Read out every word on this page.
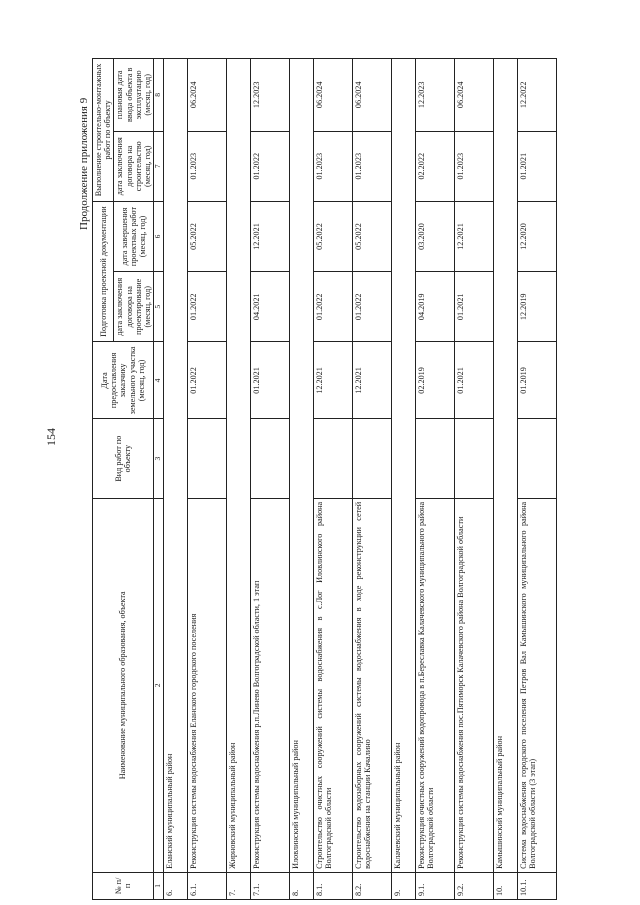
154
Продолжение приложения 9
№ п/п	Наименование муниципального образования, объекта	Вид работ по объекту	Дата предоставления заказчику земельного участка (месяц, год)	Подготовка проектной документации		Выполнение строительно-монтажных работ по объекту	
				дата заключения договора на проектирование (месяц, год)	дата завершения проектных работ (месяц, год)	дата заключения договора на строительство (месяц, год)	плановая дата ввода объекта в эксплуатацию (месяц, год)
1	2	3	4	5	6	7	8
6.	Еланский муниципальный район						
6.1.	Реконструкция системы водоснабжения Еланского городского поселения		01.2022	01.2022	05.2022	01.2023	06.2024
7.	Жирновский муниципальный район						
7.1.	Реконструкция системы водоснабжения р.п.Линево Волгоградской области, 1 этап		01.2021	04.2021	12.2021	01.2022	12.2023
8.	Иловлинский муниципальный район						
8.1.	Строительство очистных сооружений системы водоснабжения в с.Лог Иловлинского района Волгоградской области		12.2021	01.2022	05.2022	01.2023	06.2024
8.2.	Строительство водозаборных сооружений системы водоснабжения в ходе реконструкции сетей водоснабжения на станции Качалино		12.2021	01.2022	05.2022	01.2023	06.2024
9.	Калачевский муниципальный район						
9.1.	Реконструкция очистных сооружений водопровода в п.Береславка Калачевского муниципального района Волгоградской области		02.2019	04.2019	03.2020	02.2022	12.2023
9.2.	Реконструкция системы водоснабжения пос.Пятиморск Калачевского района Волгоградской области		01.2021	01.2021	12.2021	01.2023	06.2024
10.	Камышинский муниципальный район						
10.1.	Система водоснабжения городского поселения Петров Вал Камышинского муниципального района Волгоградской области (3 этап)		01.2019	12.2019	12.2020	01.2021	12.2022
